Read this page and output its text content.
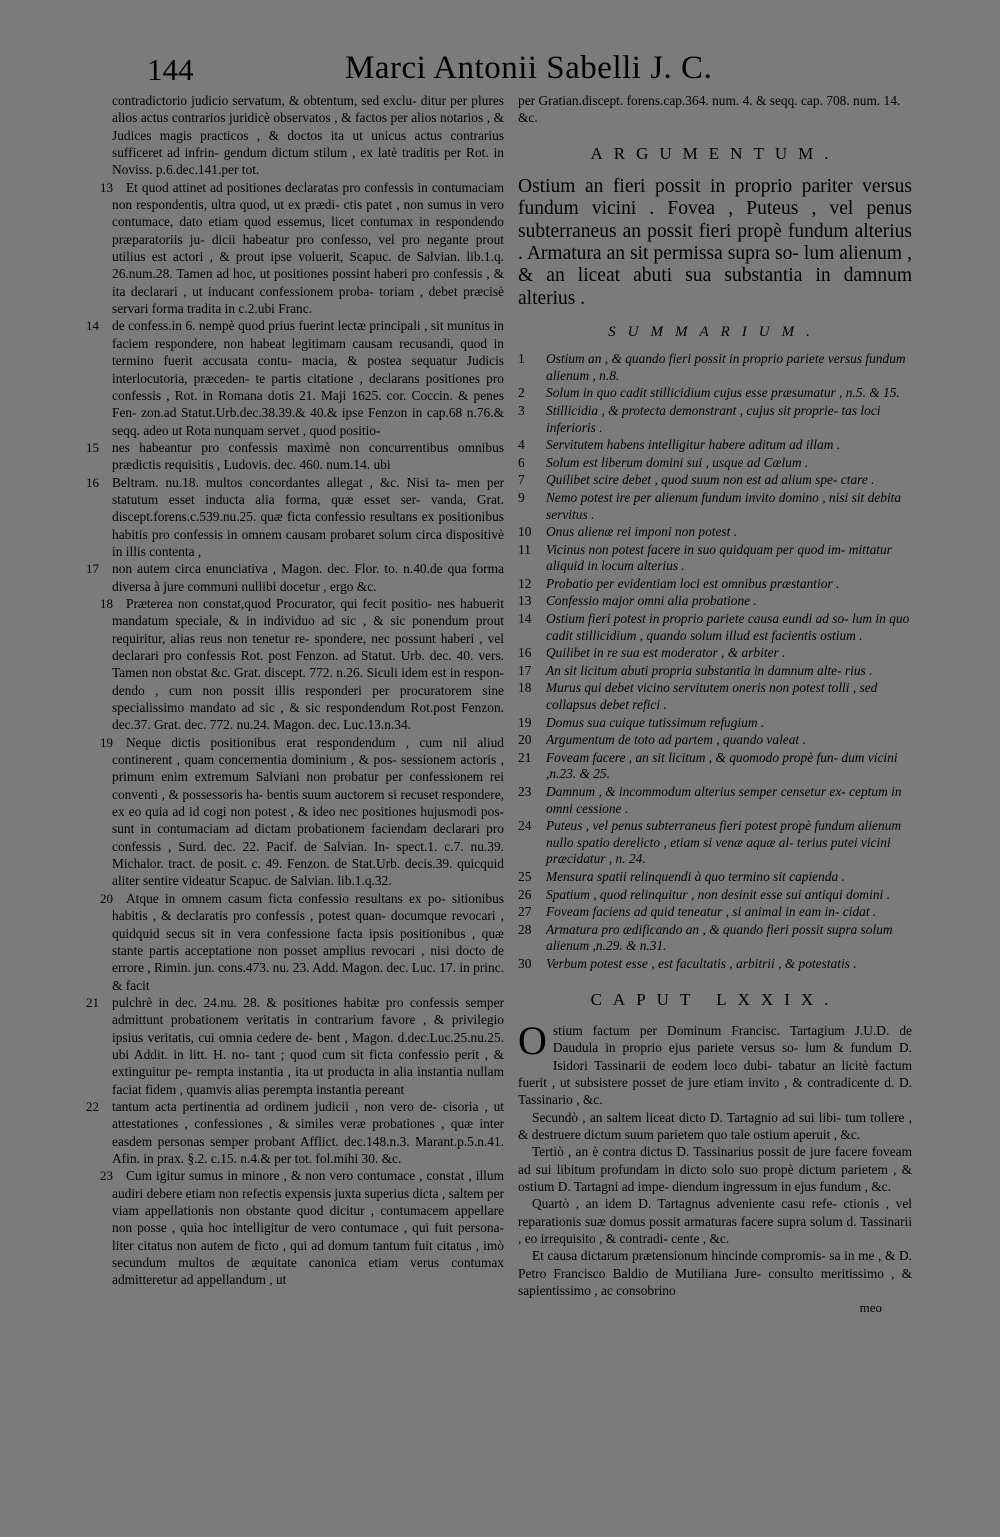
144	Marci Antonii Sabelli J. C.

contradictorio judicio servatum, & obtentum, sed exclu- ditur per plures alios actus contrarios juridicè observatos , & factos per alios notarios , & Judices magis practicos , & doctos ita ut unicus actus contrarius sufficeret ad infrin- gendum dictum stilum , ex latè traditis per Rot. in Noviss. p.6.dec.141.per tot.

13 Et quod attinet ad positiones declaratas pro confessis in contumaciam non respondentis, ultra quod, ut ex prædi- ctis patet , non sumus in vero contumace, dato etiam quod essemus, licet contumax in respondendo præparatoriis ju- dicii habeatur pro confesso, vel pro negante prout utilius est actori , & prout ipse voluerit, Scapuc. de Salvian. lib.1.q. 26.num.28. Tamen ad hoc, ut positiones possint haberi pro confessis , & ita declarari , ut inducant confessionem proba- toriam , debet præcisè servari forma tradita in c.2.ubi Franc.

14 de confess.in 6. nempè quod prius fuerint lectæ principali , sit munitus in faciem respondere, non habeat legitimam causam recusandi, quod in termino fuerit accusata contu- macia, & postea sequatur Judicis interlocutoria, præceden- te partis citatione , declarans positiones pro confessis , Rot. in Romana dotis 21. Maji 1625. cor. Coccin. & penes Fen- zon.ad Statut.Urb.dec.38.39.& 40.& ipse Fenzon in cap.68 n.76.& seqq. adeo ut Rota nunquam servet , quod positio-

15 nes habeantur pro confessis maximè non concurrentibus omnibus prædictis requisitis , Ludovis. dec. 460. num.14. ubi

16 Beltram. nu.18. multos concordantes allegat , &c. Nisi ta- men per statutum esset inducta alia forma, quæ esset ser- vanda, Grat. discept.forens.c.539.nu.25. quæ ficta confessio resultans ex positionibus habitis pro confessis in omnem causam probaret solum circa dispositivè in illis contenta ,

17 non autem circa enunciativa , Magon. dec. Flor. to. n.40.de qua forma diversa à jure communi nullibi docetur , ergo &c.

18 Præterea non constat,quod Procurator, qui fecit positio- nes habuerit mandatum speciale, & in individuo ad sic , & sic ponendum prout requiritur, alias reus non tenetur re- spondere, nec possunt haberi , vel declarari pro confessis Rot. post Fenzon. ad Statut. Urb. dec. 40. vers. Tamen non obstat &c. Grat. discept. 772. n.26. Siculi idem est in respon- dendo , cum non possit illis responderi per procuratorem sine specialissimo mandato ad sic , & sic respondendum Rot.post Fenzon. dec.37. Grat. dec. 772. nu.24. Magon. dec. Luc.13.n.34.

19 Neque dictis positionibus erat respondendum , cum nil aliud continerent , quam concernentia dominium , & pos- sessionem actoris , primum enim extremum Salviani non probatur per confessionem rei conventi , & possessoris ha- bentis suum auctorem si recuset respondere, ex eo quia ad id cogi non potest , & ideo nec positiones hujusmodi pos- sunt in contumaciam ad dictam probationem faciendam declarari pro confessis , Surd. dec. 22. Pacif. de Salvian. In- spect.1. c.7. nu.39. Michalor. tract. de posit. c. 49. Fenzon. de Stat.Urb. decis.39. quicquid aliter sentire videatur Scapuc. de Salvian. lib.1.q.32.

20 Atque in omnem casum ficta confessio resultans ex po- sitionibus habitis , & declaratis pro confessis , potest quan- documque revocari , quidquid secus sit in vera confessione facta ipsis positionibus , quæ stante partis acceptatione non posset amplius revocari , nisi docto de errore , Rimin. jun. cons.473. nu. 23. Add. Magon. dec. Luc. 17. in princ. & facit

21 pulchrè in dec. 24.nu. 28. & positiones habitæ pro confessis semper admittunt probationem veritatis in contrarium favore , & privilegio ipsius veritatis, cui omnia cedere de- bent , Magon. d.dec.Luc.25.nu.25. ubi Addit. in litt. H. no- tant ; quod cum sit ficta confessio perit , & extinguitur pe- rempta instantia , ita ut producta in alia instantia nullam faciat fidem , quamvis alias perempta instantia pereant

22 tantum acta pertinentia ad ordinem judicii , non vero de- cisoria , ut attestationes , confessiones , & similes veræ probationes , quæ inter easdem personas semper probant Afflict. dec.148.n.3. Marant.p.5.n.41. Afin. in prax. §.2. c.15. n.4.& per tot. fol.mihi 30. &c.

23 Cum igitur sumus in minore , & non vero contumace , constat , illum audiri debere etiam non refectis expensis juxta superius dicta , saltem per viam appellationis non obstante quod dicitur , contumacem appellare non posse , quia hoc intelligitur de vero contumace , qui fuit persona- liter citatus non autem de ficto , qui ad domum tantum fuit citatus , imò secundum multos de æquitate canonica etiam verus contumax admitteretur ad appellandum , ut

per Gratian.discept. forens.cap.364. num. 4. & seqq. cap. 708. num. 14. &c.

ARGUMENTUM.

Ostium an fieri possit in proprio pariter versus fundum vicini . Fovea , Puteus , vel penus subterraneus an possit fieri propè fundum alterius . Armatura an sit permissa supra so- lum alienum , & an liceat abuti sua substantia in damnum alterius .

SUMMARIUM.
1 Ostium an , & quando fieri possit in proprio pariete versus fundum alienum , n.8.
2 Solum in quo cadit stillicidium cujus esse præsumatur , n.5. & 15.
3 Stillicidia , & protecta demonstrant , cujus sit proprie- tas loci inferioris .
4 Servitutem habens intelligitur habere aditum ad illam .
6 Solum est liberum domini sui , usque ad Cælum .
7 Quilibet scire debet , quod suum non est ad alium spe- ctare .
9 Nemo potest ire per alienum fundum invito domino , nisi sit debita servitus .
10 Onus alienæ rei imponi non potest .
11 Vicinus non potest facere in suo quidquam per quod im- mittatur aliquid in locum alterius .
12 Probatio per evidentiam loci est omnibus præstantior .
13 Confessio major omni alia probatione .
14 Ostium fieri potest in proprio pariete causa eundi ad so- lum in quo cadit stillicidium , quando solum illud est facientis ostium .
16 Quilibet in re sua est moderator , & arbiter .
17 An sit licitum abuti propria substantia in damnum alte- rius .
18 Murus qui debet vicino servitutem oneris non potest tolli , sed collapsus debet refici .
19 Domus sua cuique tutissimum refugium .
20 Argumentum de toto ad partem , quando valeat .
21 Foveam facere , an sit licitum , & quomodo propè fun- dum vicini ,n.23. & 25.
23 Damnum , & incommodum alterius semper censetur ex- ceptum in omni cessione .
24 Puteus , vel penus subterraneus fieri potest propè fundum alienum nullo spatio derelicto , etiam si venæ aquæ al- terius putei vicini præcidatur , n. 24.
25 Mensura spatii relinquendi à quo termino sit capienda .
26 Spatium , quod relinquitur , non desinit esse sui antiqui domini .
27 Foveam faciens ad quid teneatur , si animal in eam in- cidat .
28 Armatura pro ædificando an , & quando fieri possit supra solum alienum ,n.29. & n.31.
30 Verbum potest esse , est facultatis , arbitrii , & potestatis .
CAPUT LXXIX.

Ostium factum per Dominum Francisc. Tartagium J.U.D. de Daudula in proprio ejus pariete versus so- lum & fundum D. Isidori Tassinarii de eodem loco dubi- tabatur an licitè factum fuerit , ut subsistere posset de jure etiam invito , & contradicente d. D. Tassinario , &c.

Secundò , an saltem liceat dicto D. Tartagnio ad sui libi- tum tollere , & destruere dictum suum parietem quo tale ostium aperuit , &c.

Tertiò , an è contra dictus D. Tassinarius possit de jure facere foveam ad sui libitum profundam in dicto solo suo propè dictum parietem , & ostium D. Tartagni ad impe- diendum ingressum in ejus fundum , &c.

Quartò , an idem D. Tartagnus adveniente casu refe- ctionis , vel reparationis suæ domus possit armaturas facere supra solum d. Tassinarii , eo irrequisito , & contradi- cente , &c.

Et causa dictarum prætensionum hincinde compromis- sa in me , & D. Petro Francisco Baldio de Mutiliana Jure- consulto meritissimo , & sapientissimo , ac consobrino

meo
